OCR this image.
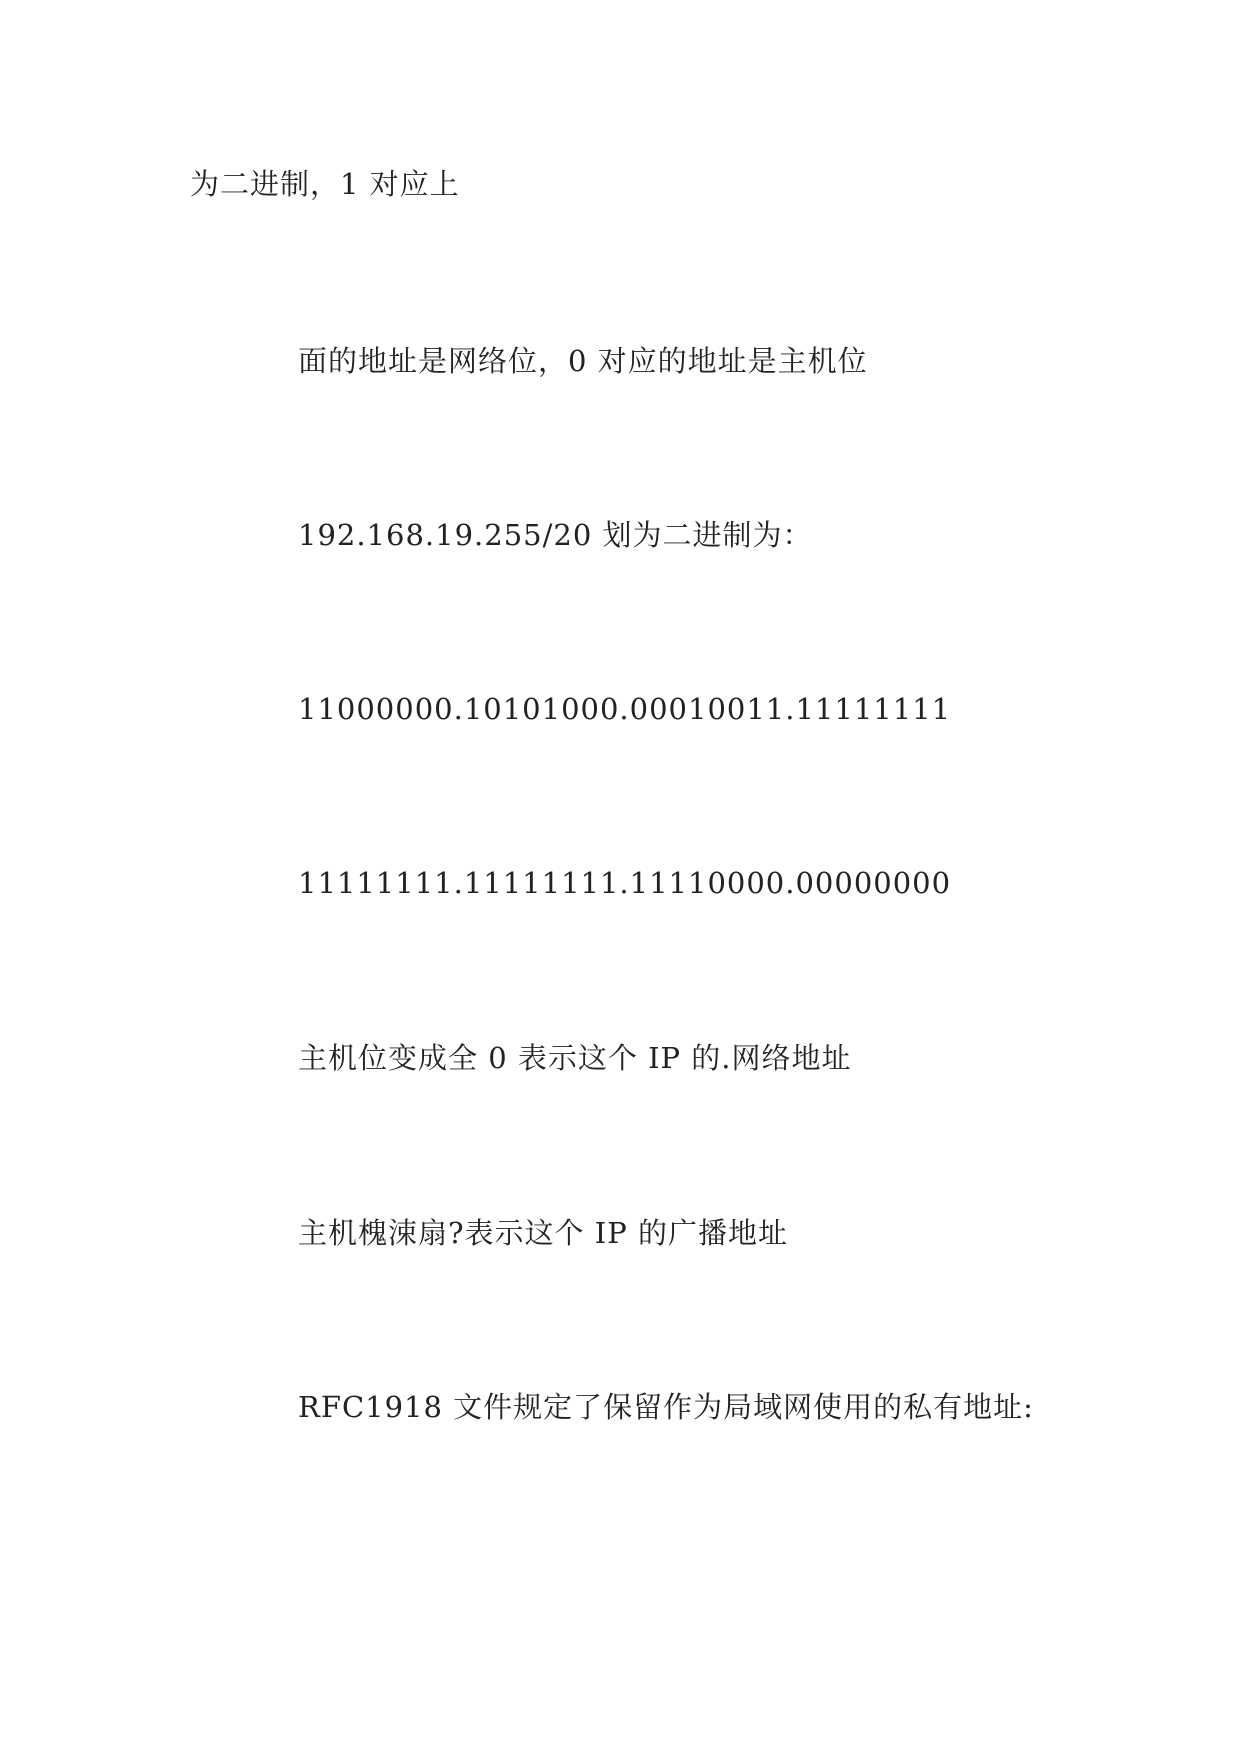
为二进制，1 对应上
面的地址是网络位，0 对应的地址是主机位
192.168.19.255/20 划为二进制为：
11000000.10101000.00010011.11111111
11111111.11111111.11110000.00000000
主机位变成全 0 表示这个 IP 的.网络地址
主机槐涑扇?表示这个 IP 的广播地址
RFC1918 文件规定了保留作为局域网使用的私有地址:
